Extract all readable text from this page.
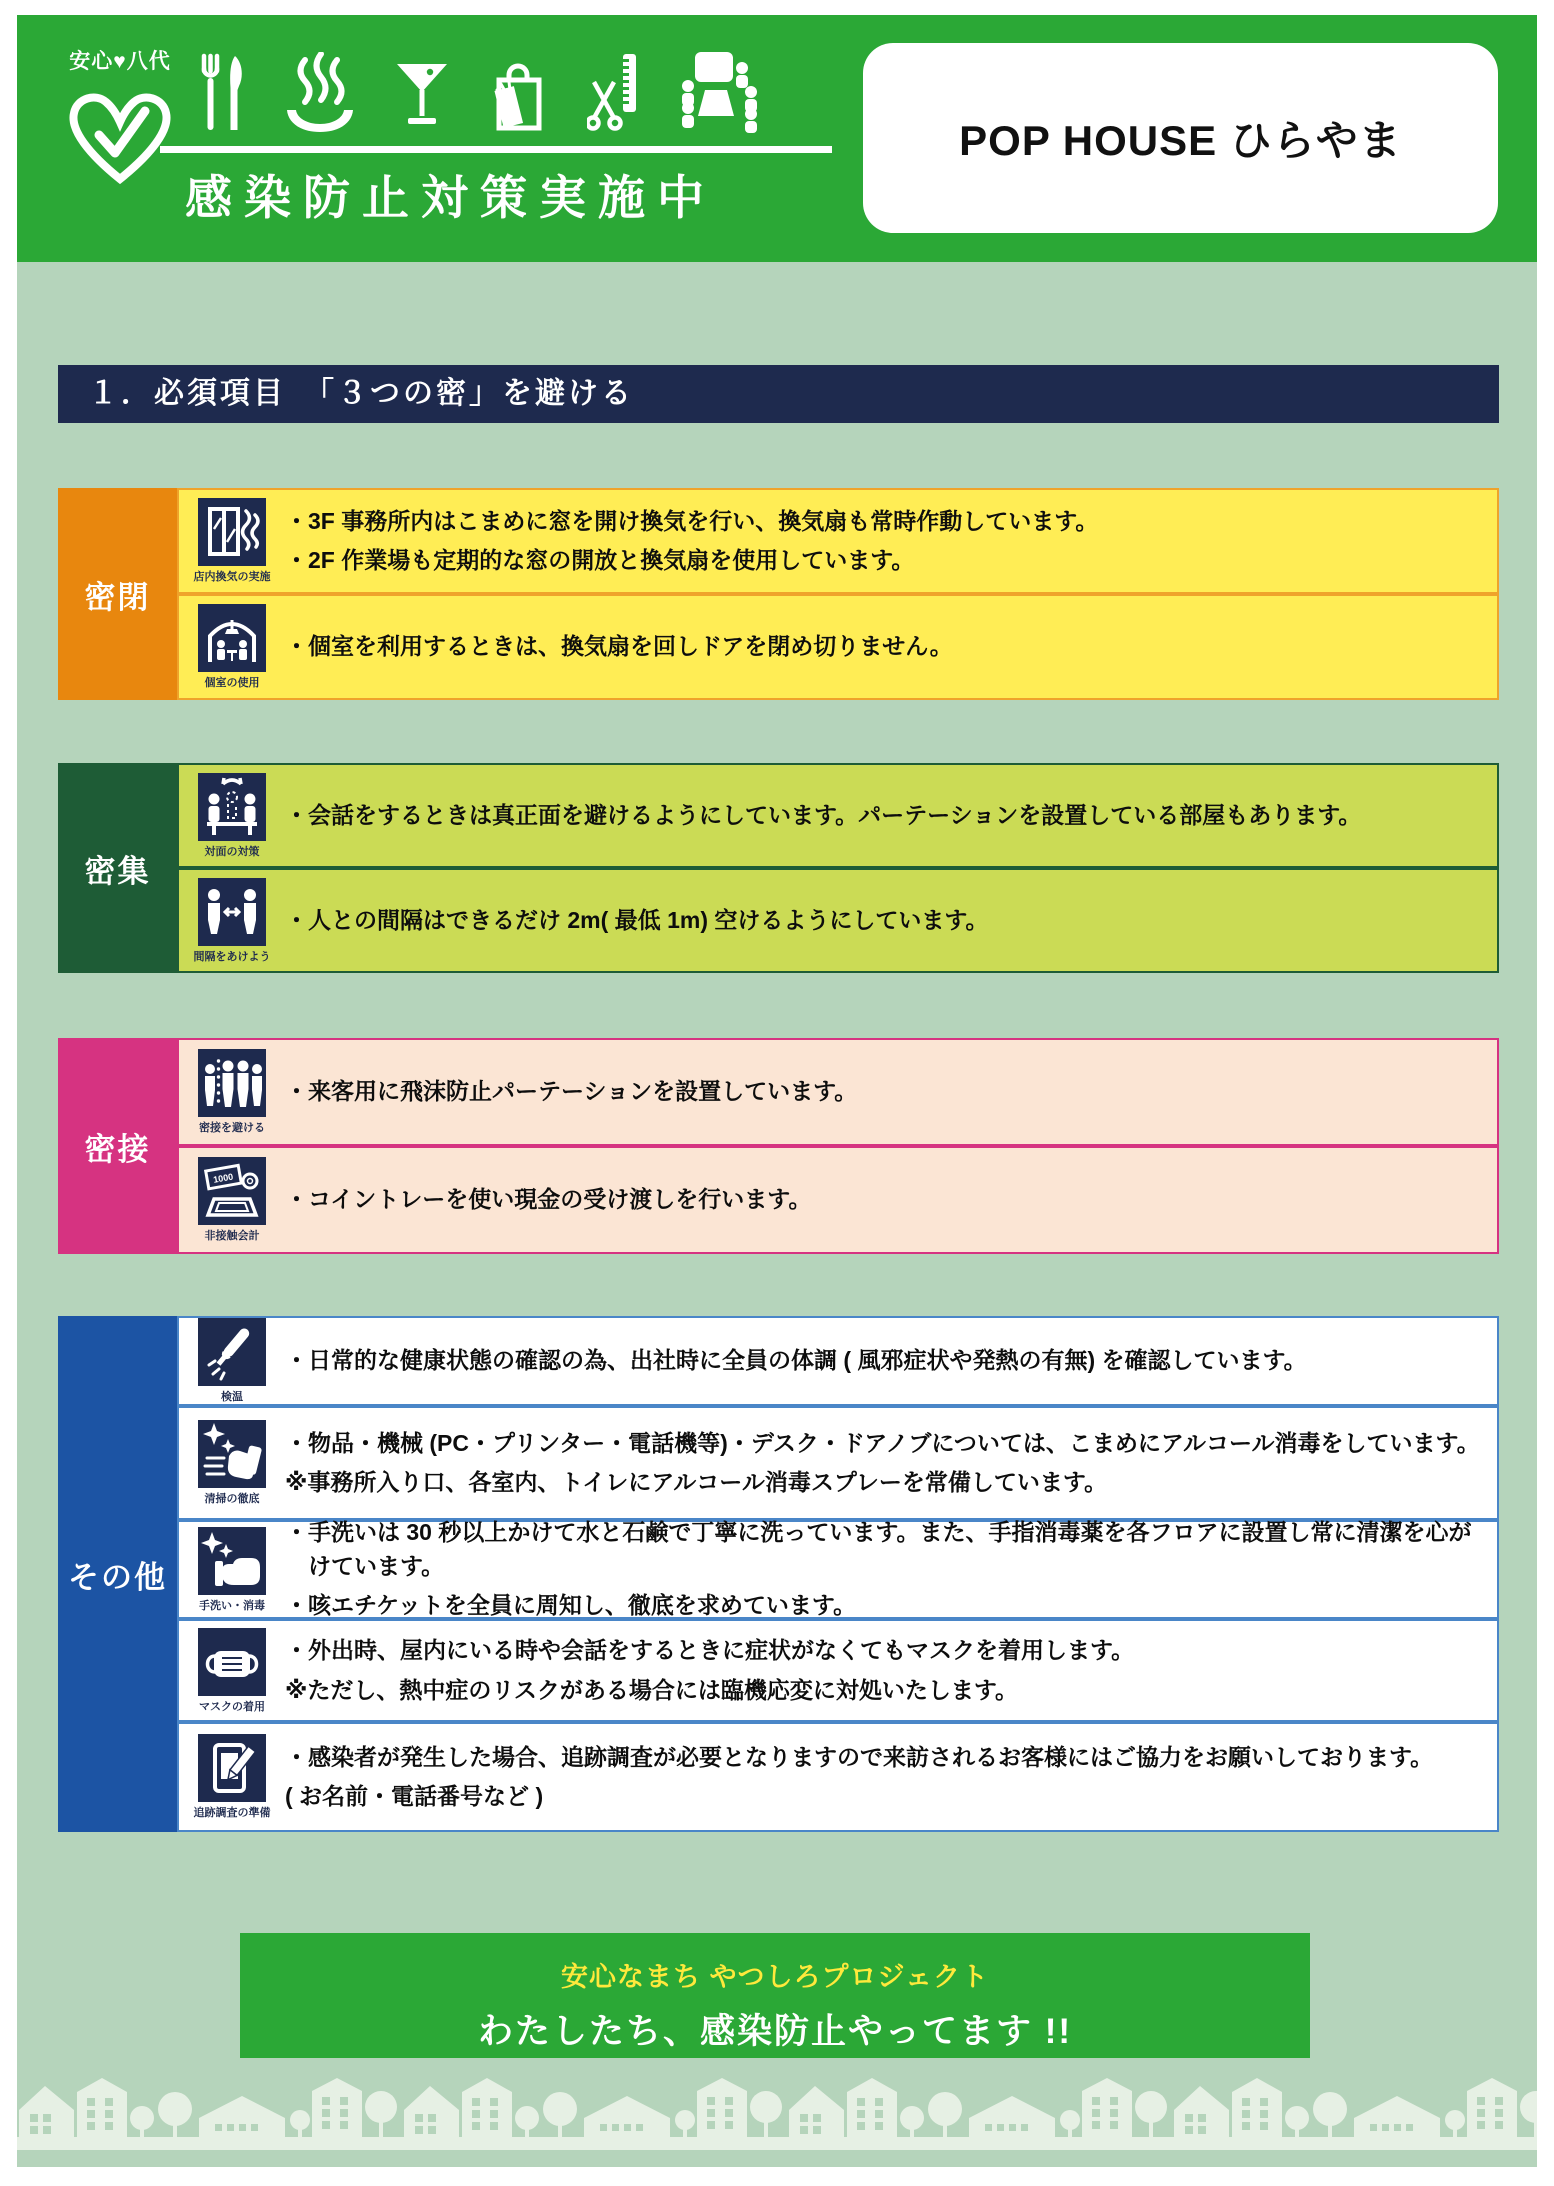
安心♥八代
感染防止対策実施中
POP HOUSE ひらやま
１．必須項目　「３つの密」を避ける
密閉
店内換気の実施
・3F 事務所内はこまめに窓を開け換気を行い、換気扇も常時作動しています。
・2F 作業場も定期的な窓の開放と換気扇を使用しています。
個室の使用
・個室を利用するときは、換気扇を回しドアを閉め切りません。
密集
対面の対策
・会話をするときは真正面を避けるようにしています。パーテーションを設置している部屋もあります。
間隔をあけよう
・人との間隔はできるだけ 2m( 最低 1m) 空けるようにしています。
密接
密接を避ける
・来客用に飛沫防止パーテーションを設置しています。
1000
非接触会計
・コイントレーを使い現金の受け渡しを行います。
その他
検温
・日常的な健康状態の確認の為、出社時に全員の体調 ( 風邪症状や発熱の有無) を確認しています。
清掃の徹底
・物品・機械 (PC・プリンター・電話機等)・デスク・ドアノブについては、こまめにアルコール消毒をしています。
※事務所入り口、各室内、トイレにアルコール消毒スプレーを常備しています。
手洗い・消毒
・手洗いは 30 秒以上かけて水と石鹸で丁寧に洗っています。また、手指消毒薬を各フロアに設置し常に清潔を心がけています。
・咳エチケットを全員に周知し、徹底を求めています。
マスクの着用
・外出時、屋内にいる時や会話をするときに症状がなくてもマスクを着用します。
※ただし、熱中症のリスクがある場合には臨機応変に対処いたします。
追跡調査の準備
・感染者が発生した場合、追跡調査が必要となりますので来訪されるお客様にはご協力をお願いしております。
( お名前・電話番号など )
安心なまち やつしろプロジェクト
わたしたち、感染防止やってます !!
